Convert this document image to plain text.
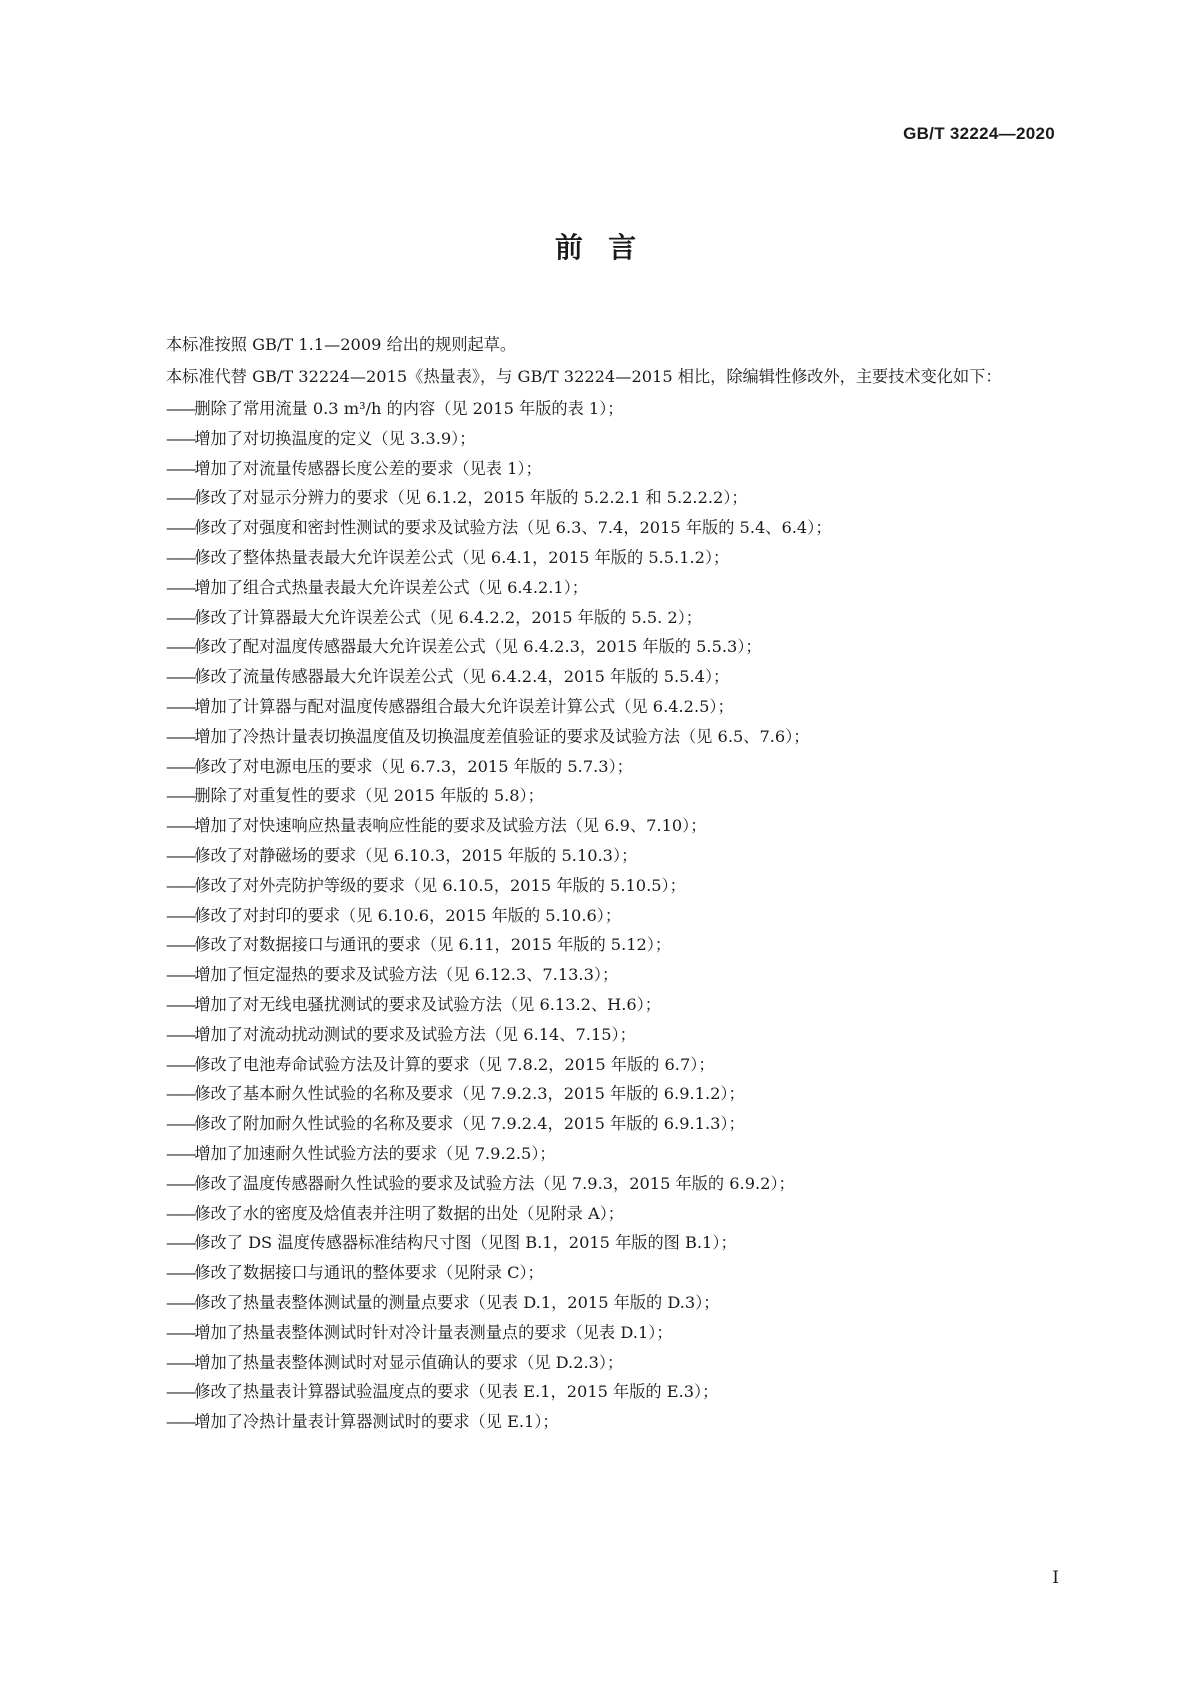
GB/T 32224—2020
前言

本标准按照 GB/T 1.1—2009 给出的规则起草。

本标准代替 GB/T 32224—2015《热量表》，与 GB/T 32224—2015 相比，除编辑性修改外，主要技术变化如下：

——删除了常用流量 0.3 m³/h 的内容（见 2015 年版的表 1）；
——增加了对切换温度的定义（见 3.3.9）；
——增加了对流量传感器长度公差的要求（见表 1）；
——修改了对显示分辨力的要求（见 6.1.2，2015 年版的 5.2.2.1 和 5.2.2.2）；
——修改了对强度和密封性测试的要求及试验方法（见 6.3、7.4，2015 年版的 5.4、6.4）；
——修改了整体热量表最大允许误差公式（见 6.4.1，2015 年版的 5.5.1.2）；
——增加了组合式热量表最大允许误差公式（见 6.4.2.1）；
——修改了计算器最大允许误差公式（见 6.4.2.2，2015 年版的 5.5. 2）；
——修改了配对温度传感器最大允许误差公式（见 6.4.2.3，2015 年版的 5.5.3）；
——修改了流量传感器最大允许误差公式（见 6.4.2.4，2015 年版的 5.5.4）；
——增加了计算器与配对温度传感器组合最大允许误差计算公式（见 6.4.2.5）；
——增加了冷热计量表切换温度值及切换温度差值验证的要求及试验方法（见 6.5、7.6）；
——修改了对电源电压的要求（见 6.7.3，2015 年版的 5.7.3）；
——删除了对重复性的要求（见 2015 年版的 5.8）；
——增加了对快速响应热量表响应性能的要求及试验方法（见 6.9、7.10）；
——修改了对静磁场的要求（见 6.10.3，2015 年版的 5.10.3）；
——修改了对外壳防护等级的要求（见 6.10.5，2015 年版的 5.10.5）；
——修改了对封印的要求（见 6.10.6，2015 年版的 5.10.6）；
——修改了对数据接口与通讯的要求（见 6.11，2015 年版的 5.12）；
——增加了恒定湿热的要求及试验方法（见 6.12.3、7.13.3）；
——增加了对无线电骚扰测试的要求及试验方法（见 6.13.2、H.6）；
——增加了对流动扰动测试的要求及试验方法（见 6.14、7.15）；
——修改了电池寿命试验方法及计算的要求（见 7.8.2，2015 年版的 6.7）；
——修改了基本耐久性试验的名称及要求（见 7.9.2.3，2015 年版的 6.9.1.2）；
——修改了附加耐久性试验的名称及要求（见 7.9.2.4，2015 年版的 6.9.1.3）；
——增加了加速耐久性试验方法的要求（见 7.9.2.5）；
——修改了温度传感器耐久性试验的要求及试验方法（见 7.9.3，2015 年版的 6.9.2）；
——修改了水的密度及焓值表并注明了数据的出处（见附录 A）；
——修改了 DS 温度传感器标准结构尺寸图（见图 B.1，2015 年版的图 B.1）；
——修改了数据接口与通讯的整体要求（见附录 C）；
——修改了热量表整体测试量的测量点要求（见表 D.1，2015 年版的 D.3）；
——增加了热量表整体测试时针对冷计量表测量点的要求（见表 D.1）；
——增加了热量表整体测试时对显示值确认的要求（见 D.2.3）；
——修改了热量表计算器试验温度点的要求（见表 E.1，2015 年版的 E.3）；
——增加了冷热计量表计算器测试时的要求（见 E.1）；
I
